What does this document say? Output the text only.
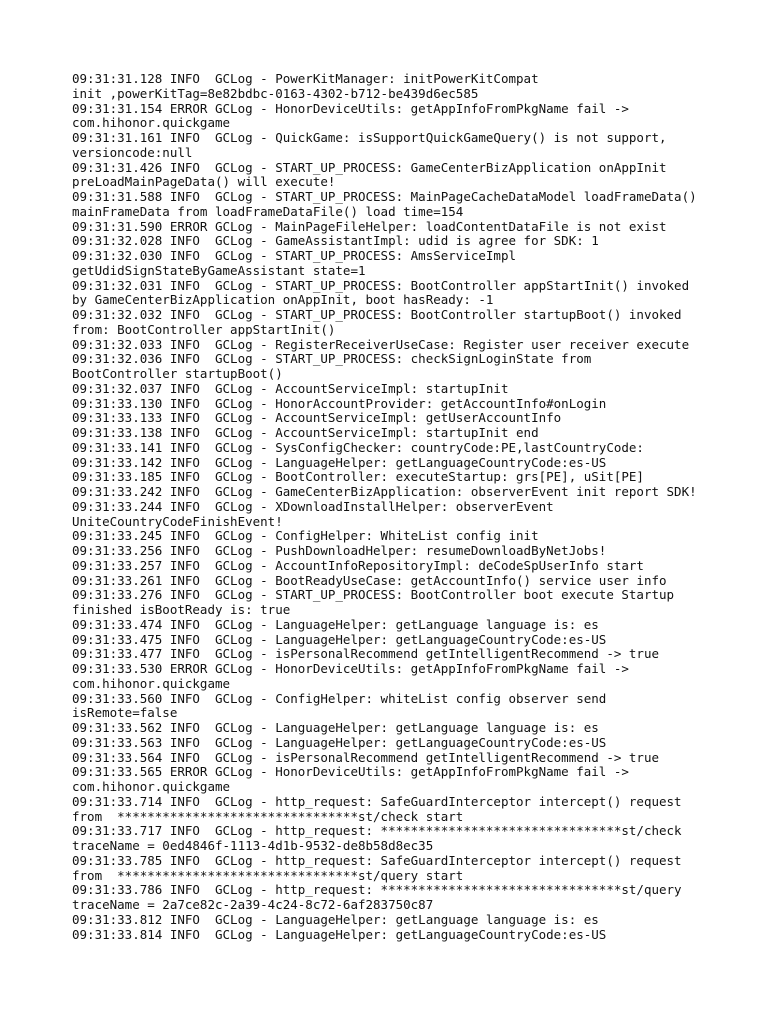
09:31:31.128 INFO  GCLog - PowerKitManager: initPowerKitCompat
init ,powerKitTag=8e82bdbc-0163-4302-b712-be439d6ec585
09:31:31.154 ERROR GCLog - HonorDeviceUtils: getAppInfoFromPkgName fail ->
com.hihonor.quickgame
09:31:31.161 INFO  GCLog - QuickGame: isSupportQuickGameQuery() is not support,
versioncode:null
09:31:31.426 INFO  GCLog - START_UP_PROCESS: GameCenterBizApplication onAppInit
preLoadMainPageData() will execute!
09:31:31.588 INFO  GCLog - START_UP_PROCESS: MainPageCacheDataModel loadFrameData()
mainFrameData from loadFrameDataFile() load time=154
09:31:31.590 ERROR GCLog - MainPageFileHelper: loadContentDataFile is not exist
09:31:32.028 INFO  GCLog - GameAssistantImpl: udid is agree for SDK: 1
09:31:32.030 INFO  GCLog - START_UP_PROCESS: AmsServiceImpl
getUdidSignStateByGameAssistant state=1
09:31:32.031 INFO  GCLog - START_UP_PROCESS: BootController appStartInit() invoked
by GameCenterBizApplication onAppInit, boot hasReady: -1
09:31:32.032 INFO  GCLog - START_UP_PROCESS: BootController startupBoot() invoked
from: BootController appStartInit()
09:31:32.033 INFO  GCLog - RegisterReceiverUseCase: Register user receiver execute
09:31:32.036 INFO  GCLog - START_UP_PROCESS: checkSignLoginState from
BootController startupBoot()
09:31:32.037 INFO  GCLog - AccountServiceImpl: startupInit
09:31:33.130 INFO  GCLog - HonorAccountProvider: getAccountInfo#onLogin
09:31:33.133 INFO  GCLog - AccountServiceImpl: getUserAccountInfo
09:31:33.138 INFO  GCLog - AccountServiceImpl: startupInit end
09:31:33.141 INFO  GCLog - SysConfigChecker: countryCode:PE,lastCountryCode:
09:31:33.142 INFO  GCLog - LanguageHelper: getLanguageCountryCode:es-US
09:31:33.185 INFO  GCLog - BootController: executeStartup: grs[PE], uSit[PE]
09:31:33.242 INFO  GCLog - GameCenterBizApplication: observerEvent init report SDK!
09:31:33.244 INFO  GCLog - XDownloadInstallHelper: observerEvent
UniteCountryCodeFinishEvent!
09:31:33.245 INFO  GCLog - ConfigHelper: WhiteList config init
09:31:33.256 INFO  GCLog - PushDownloadHelper: resumeDownloadByNetJobs!
09:31:33.257 INFO  GCLog - AccountInfoRepositoryImpl: deCodeSpUserInfo start
09:31:33.261 INFO  GCLog - BootReadyUseCase: getAccountInfo() service user info
09:31:33.276 INFO  GCLog - START_UP_PROCESS: BootController boot execute Startup
finished isBootReady is: true
09:31:33.474 INFO  GCLog - LanguageHelper: getLanguage language is: es
09:31:33.475 INFO  GCLog - LanguageHelper: getLanguageCountryCode:es-US
09:31:33.477 INFO  GCLog - isPersonalRecommend getIntelligentRecommend -> true
09:31:33.530 ERROR GCLog - HonorDeviceUtils: getAppInfoFromPkgName fail ->
com.hihonor.quickgame
09:31:33.560 INFO  GCLog - ConfigHelper: whiteList config observer send
isRemote=false
09:31:33.562 INFO  GCLog - LanguageHelper: getLanguage language is: es
09:31:33.563 INFO  GCLog - LanguageHelper: getLanguageCountryCode:es-US
09:31:33.564 INFO  GCLog - isPersonalRecommend getIntelligentRecommend -> true
09:31:33.565 ERROR GCLog - HonorDeviceUtils: getAppInfoFromPkgName fail ->
com.hihonor.quickgame
09:31:33.714 INFO  GCLog - http_request: SafeGuardInterceptor intercept() request
from  ********************************st/check start
09:31:33.717 INFO  GCLog - http_request: ********************************st/check
traceName = 0ed4846f-1113-4d1b-9532-de8b58d8ec35
09:31:33.785 INFO  GCLog - http_request: SafeGuardInterceptor intercept() request
from  ********************************st/query start
09:31:33.786 INFO  GCLog - http_request: ********************************st/query
traceName = 2a7ce82c-2a39-4c24-8c72-6af283750c87
09:31:33.812 INFO  GCLog - LanguageHelper: getLanguage language is: es
09:31:33.814 INFO  GCLog - LanguageHelper: getLanguageCountryCode:es-US
